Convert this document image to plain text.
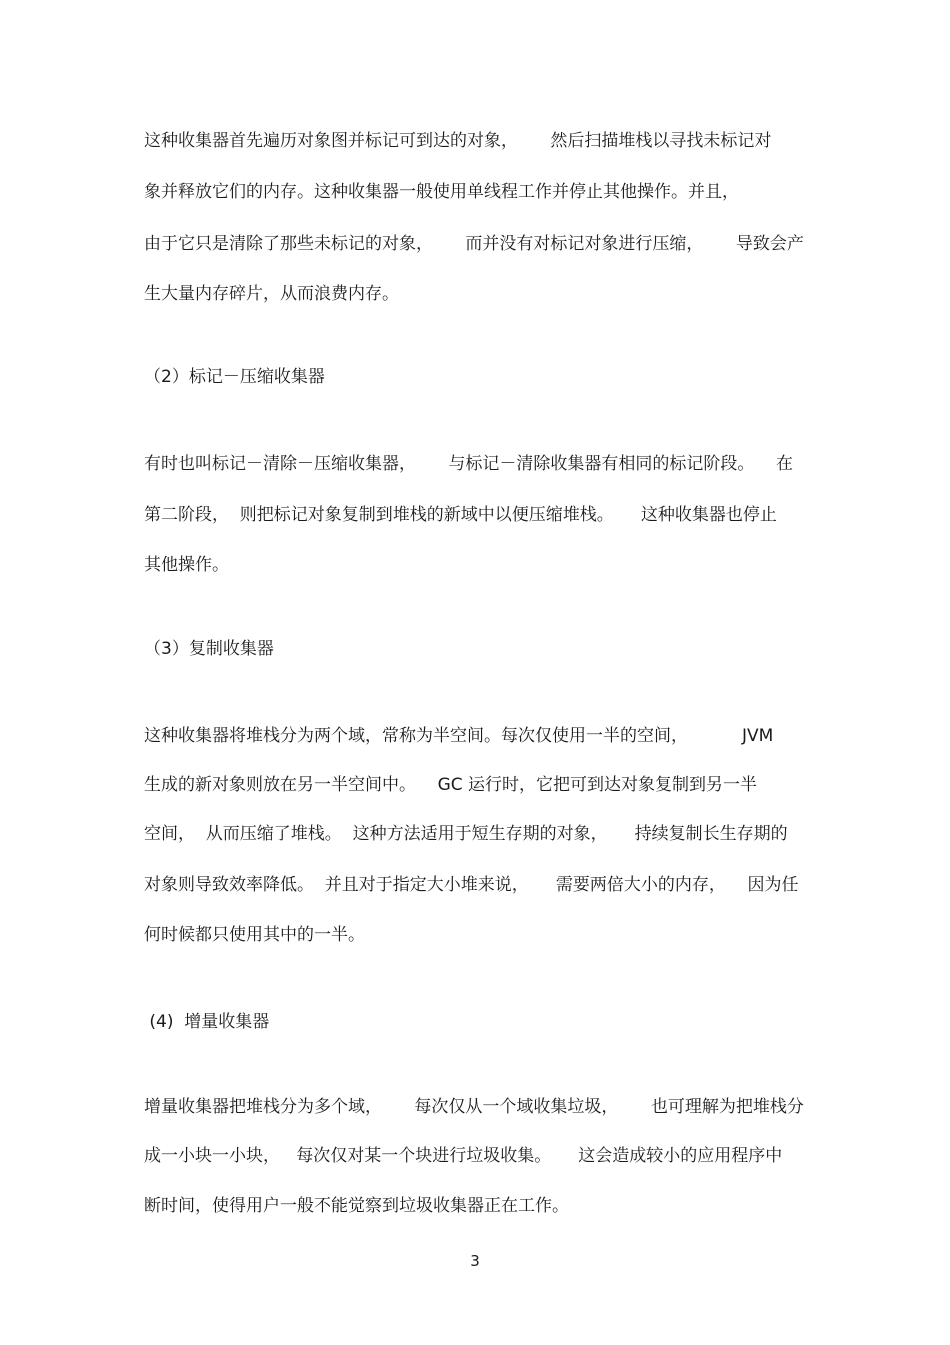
这种收集器首先遍历对象图并标记可到达的对象，      然后扫描堆栈以寻找未标记对

象并释放它们的内存。这种收集器一般使用单线程工作并停止其他操作。并且，

由于它只是清除了那些未标记的对象，      而并没有对标记对象进行压缩，      导致会产

生大量内存碎片，从而浪费内存。

（2）标记－压缩收集器

有时也叫标记－清除－压缩收集器，      与标记－清除收集器有相同的标记阶段。    在

第二阶段，  则把标记对象复制到堆栈的新域中以便压缩堆栈。     这种收集器也停止

其他操作。

（3）复制收集器

这种收集器将堆栈分为两个域，常称为半空间。每次仅使用一半的空间，          JVM

生成的新对象则放在另一半空间中。    GC 运行时，它把可到达对象复制到另一半

空间，  从而压缩了堆栈。  这种方法适用于短生存期的对象，     持续复制长生存期的

对象则导致效率降低。  并且对于指定大小堆来说，     需要两倍大小的内存，    因为任

何时候都只使用其中的一半。

(4)  增量收集器

增量收集器把堆栈分为多个域，      每次仅从一个域收集垃圾，      也可理解为把堆栈分

成一小块一小块，   每次仅对某一个块进行垃圾收集。     这会造成较小的应用程序中

断时间，使得用户一般不能觉察到垃圾收集器正在工作。

3
